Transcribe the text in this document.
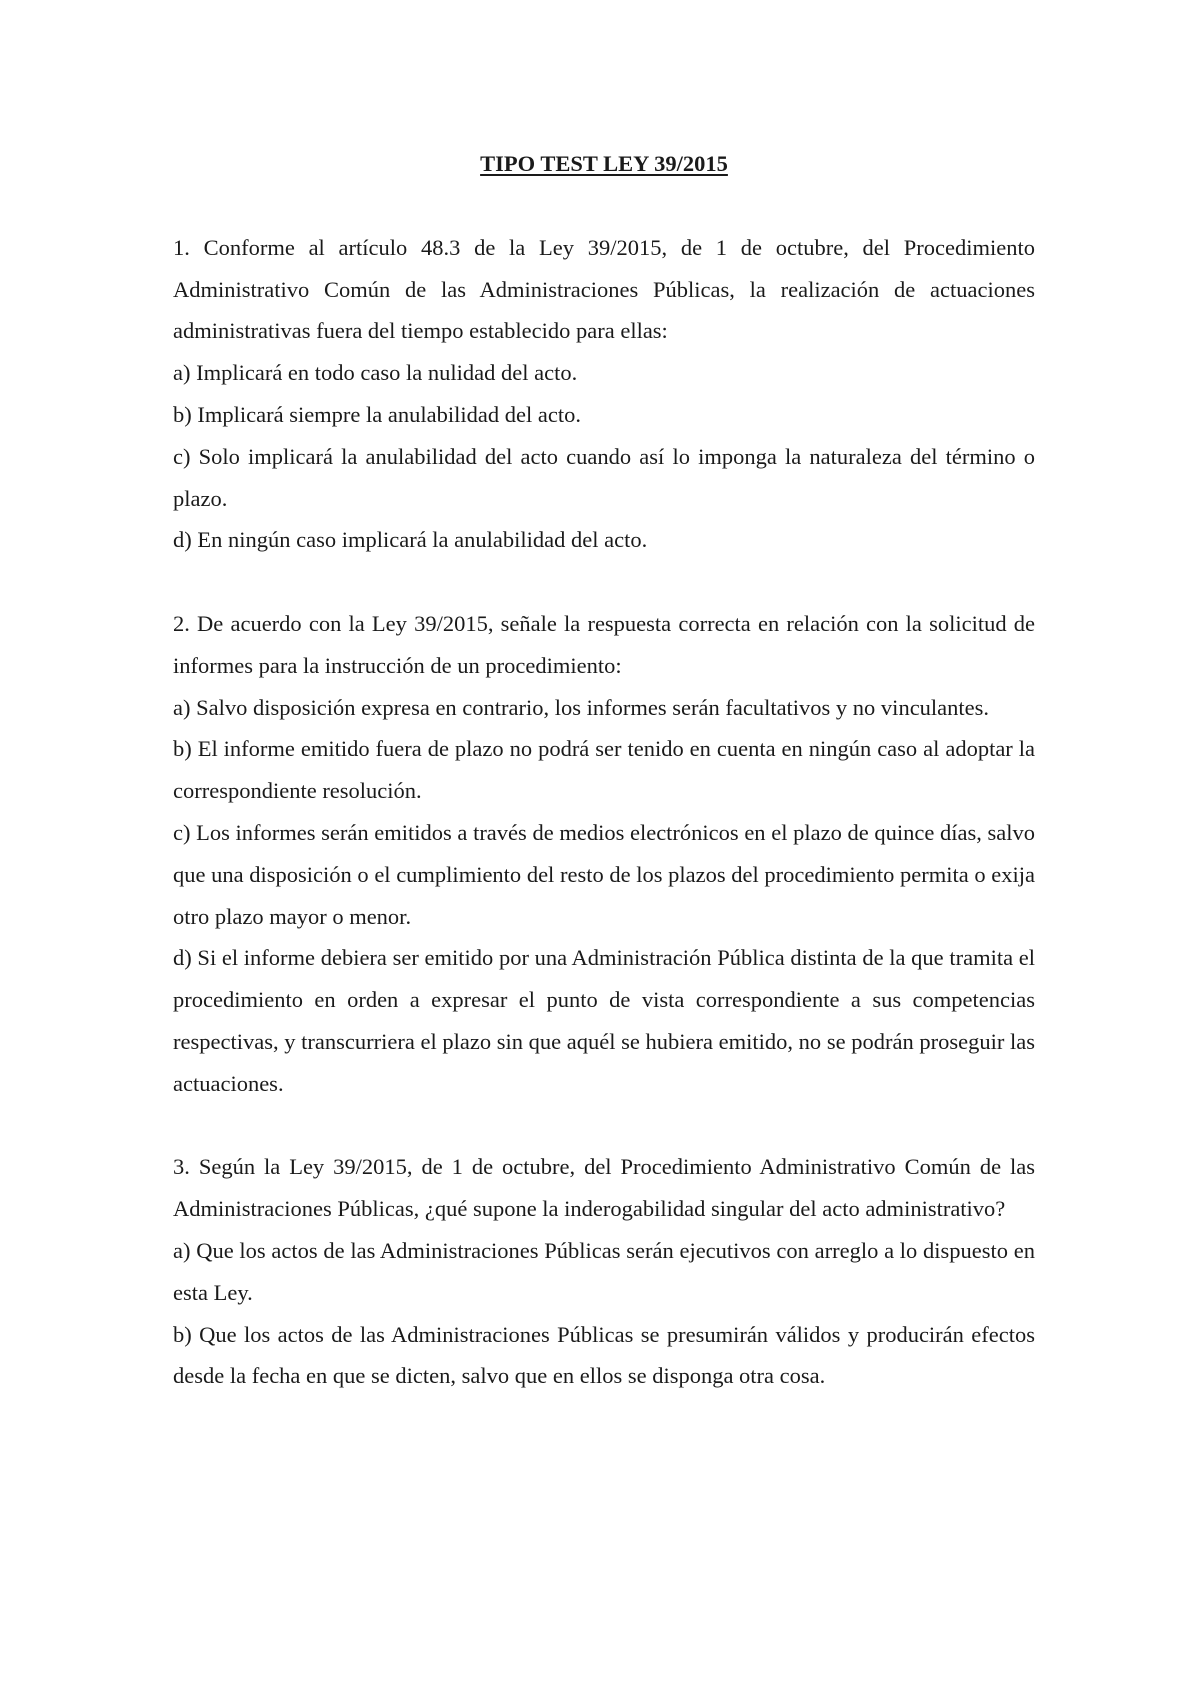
TIPO TEST LEY 39/2015

1. Conforme al artículo 48.3 de la Ley 39/2015, de 1 de octubre, del Procedimiento Administrativo Común de las Administraciones Públicas, la realización de actuaciones administrativas fuera del tiempo establecido para ellas:

a) Implicará en todo caso la nulidad del acto.

b) Implicará siempre la anulabilidad del acto.

c) Solo implicará la anulabilidad del acto cuando así lo imponga la naturaleza del término o plazo.

d) En ningún caso implicará la anulabilidad del acto.

2. De acuerdo con la Ley 39/2015, señale la respuesta correcta en relación con la solicitud de informes para la instrucción de un procedimiento:

a) Salvo disposición expresa en contrario, los informes serán facultativos y no vinculantes.

b) El informe emitido fuera de plazo no podrá ser tenido en cuenta en ningún caso al adoptar la correspondiente resolución.

c) Los informes serán emitidos a través de medios electrónicos en el plazo de quince días, salvo que una disposición o el cumplimiento del resto de los plazos del procedimiento permita o exija otro plazo mayor o menor.

d) Si el informe debiera ser emitido por una Administración Pública distinta de la que tramita el procedimiento en orden a expresar el punto de vista correspondiente a sus competencias respectivas, y transcurriera el plazo sin que aquél se hubiera emitido, no se podrán proseguir las actuaciones.

3. Según la Ley 39/2015, de 1 de octubre, del Procedimiento Administrativo Común de las Administraciones Públicas, ¿qué supone la inderogabilidad singular del acto administrativo?

a) Que los actos de las Administraciones Públicas serán ejecutivos con arreglo a lo dispuesto en esta Ley.

b) Que los actos de las Administraciones Públicas se presumirán válidos y producirán efectos desde la fecha en que se dicten, salvo que en ellos se disponga otra cosa.
